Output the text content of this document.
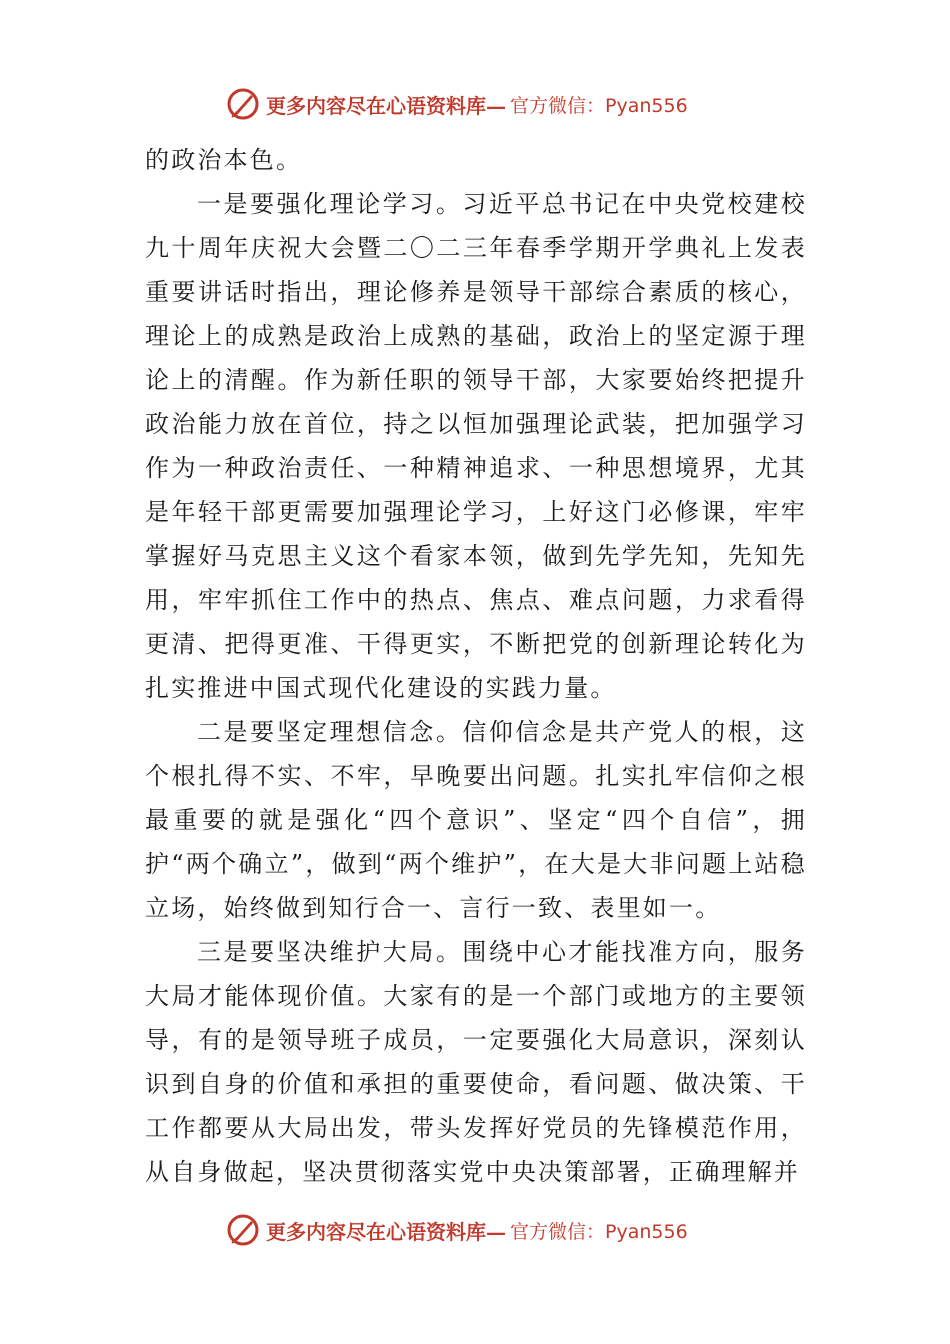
更多内容尽在心语资料库— 官方微信：Pyan556

的政治本色。

一是要强化理论学习。习近平总书记在中央党校建校九十周年庆祝大会暨二〇二三年春季学期开学典礼上发表重要讲话时指出，理论修养是领导干部综合素质的核心，理论上的成熟是政治上成熟的基础，政治上的坚定源于理论上的清醒。作为新任职的领导干部，大家要始终把提升政治能力放在首位，持之以恒加强理论武装，把加强学习作为一种政治责任、一种精神追求、一种思想境界，尤其是年轻干部更需要加强理论学习，上好这门必修课，牢牢掌握好马克思主义这个看家本领，做到先学先知，先知先用，牢牢抓住工作中的热点、焦点、难点问题，力求看得更清、把得更准、干得更实，不断把党的创新理论转化为扎实推进中国式现代化建设的实践力量。

二是要坚定理想信念。信仰信念是共产党人的根，这个根扎得不实、不牢，早晚要出问题。扎实扎牢信仰之根最重要的就是强化“四个意识”、坚定“四个自信”，拥护“两个确立”，做到“两个维护”，在大是大非问题上站稳立场，始终做到知行合一、言行一致、表里如一。

三是要坚决维护大局。围绕中心才能找准方向，服务大局才能体现价值。大家有的是一个部门或地方的主要领导，有的是领导班子成员，一定要强化大局意识，深刻认识到自身的价值和承担的重要使命，看问题、做决策、干工作都要从大局出发，带头发挥好党员的先锋模范作用，从自身做起，坚决贯彻落实党中央决策部署，正确理解并

更多内容尽在心语资料库— 官方微信：Pyan556
